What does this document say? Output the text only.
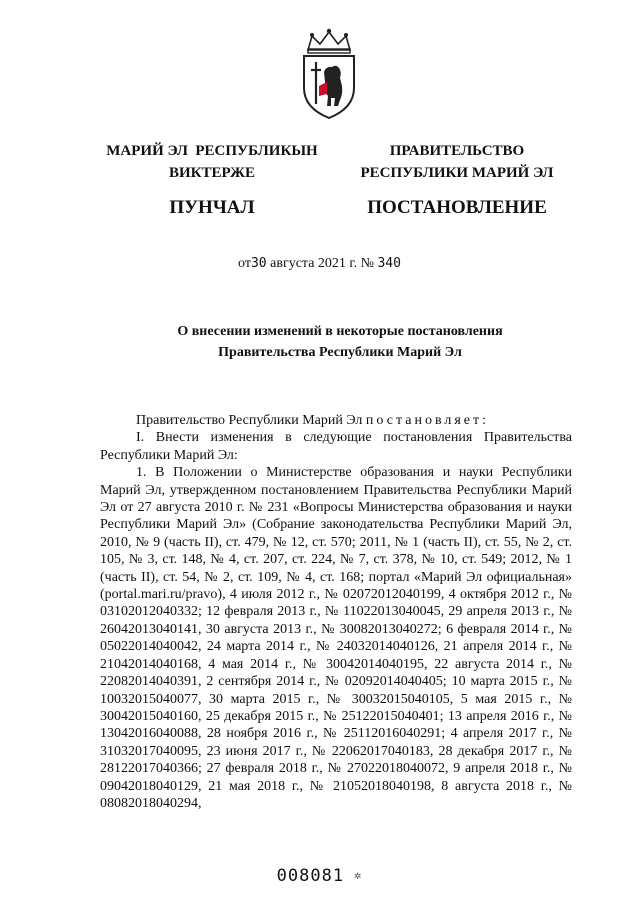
МАРИЙ ЭЛ  РЕСПУБЛИКЫН
ВИКТЕРЖЕ
ПУНЧАЛ
ПРАВИТЕЛЬСТВО
РЕСПУБЛИКИ МАРИЙ ЭЛ
ПОСТАНОВЛЕНИЕ
от30 августа 2021 г. № 340
О внесении изменений в некоторые постановления
Правительства Республики Марий Эл

Правительство Республики Марий Эл постановляет:

I. Внести изменения в следующие постановления Правительства Республики Марий Эл:

1. В Положении о Министерстве образования и науки Республики Марий Эл, утвержденном постановлением Правительства Республики Марий Эл от 27 августа 2010 г. № 231 «Вопросы Министерства образования и науки Республики Марий Эл» (Собрание законодательства Республики Марий Эл, 2010, № 9 (часть II), ст. 479, № 12, ст. 570; 2011, № 1 (часть II), ст. 55, № 2, ст. 105, № 3, ст. 148, № 4, ст. 207, ст. 224, № 7, ст. 378, № 10, ст. 549; 2012, № 1 (часть II), ст. 54, № 2, ст. 109, № 4, ст. 168; портал «Марий Эл официальная» (portal.mari.ru/pravo), 4 июля 2012 г., № 02072012040199, 4 октября 2012 г., № 03102012040332; 12 февраля 2013 г., № 11022013040045, 29 апреля 2013 г., № 26042013040141, 30 августа 2013 г., № 30082013040272; 6 февраля 2014 г., № 05022014040042, 24 марта 2014 г., № 24032014040126, 21 апреля 2014 г., № 21042014040168, 4 мая 2014 г., № 30042014040195, 22 августа 2014 г., № 22082014040391, 2 сентября 2014 г., № 02092014040405; 10 марта 2015 г., № 10032015040077, 30 марта 2015 г., № 30032015040105, 5 мая 2015 г., № 30042015040160, 25 декабря 2015 г., № 25122015040401; 13 апреля 2016 г., № 13042016040088, 28 ноября 2016 г., № 25112016040291; 4 апреля 2017 г., № 31032017040095, 23 июня 2017 г., № 22062017040183, 28 декабря 2017 г., № 28122017040366; 27 февраля 2018 г., № 27022018040072, 9 апреля 2018 г., № 09042018040129, 21 мая 2018 г., № 21052018040198, 8 августа 2018 г., № 08082018040294,

008081 ✲
